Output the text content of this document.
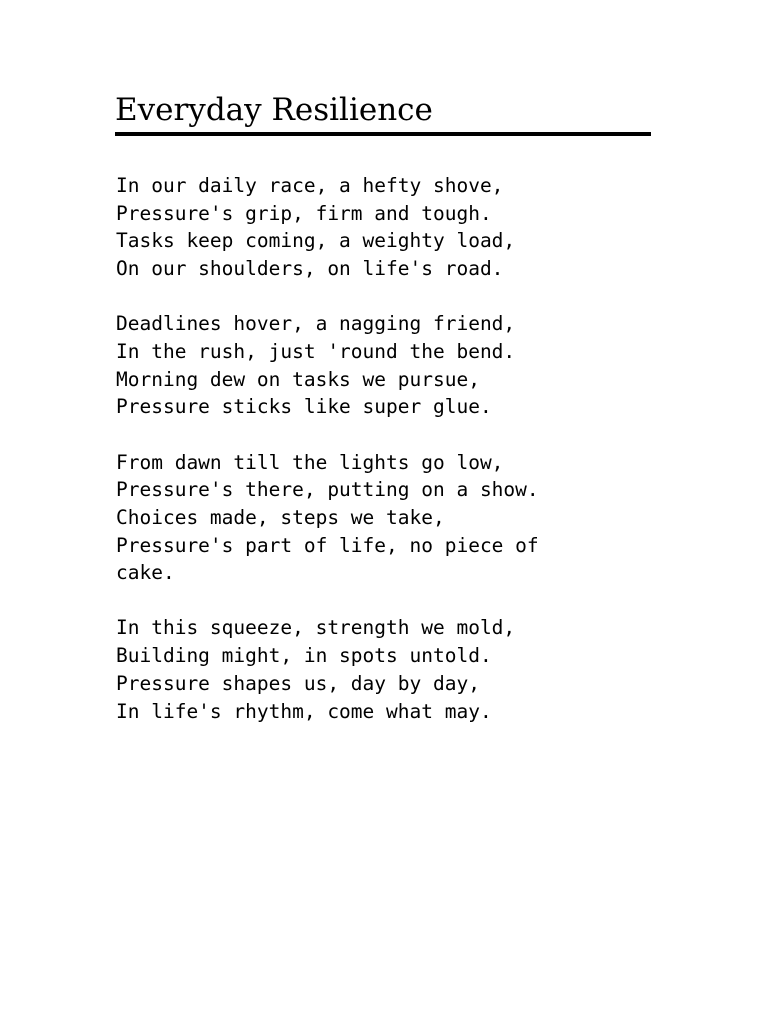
Everyday Resilience
In our daily race, a hefty shove,
Pressure's grip, firm and tough.
Tasks keep coming, a weighty load,
On our shoulders, on life's road.
Deadlines hover, a nagging friend,
In the rush, just 'round the bend.
Morning dew on tasks we pursue,
Pressure sticks like super glue.
From dawn till the lights go low,
Pressure's there, putting on a show.
Choices made, steps we take,
Pressure's part of life, no piece of
cake.
In this squeeze, strength we mold,
Building might, in spots untold.
Pressure shapes us, day by day,
In life's rhythm, come what may.
